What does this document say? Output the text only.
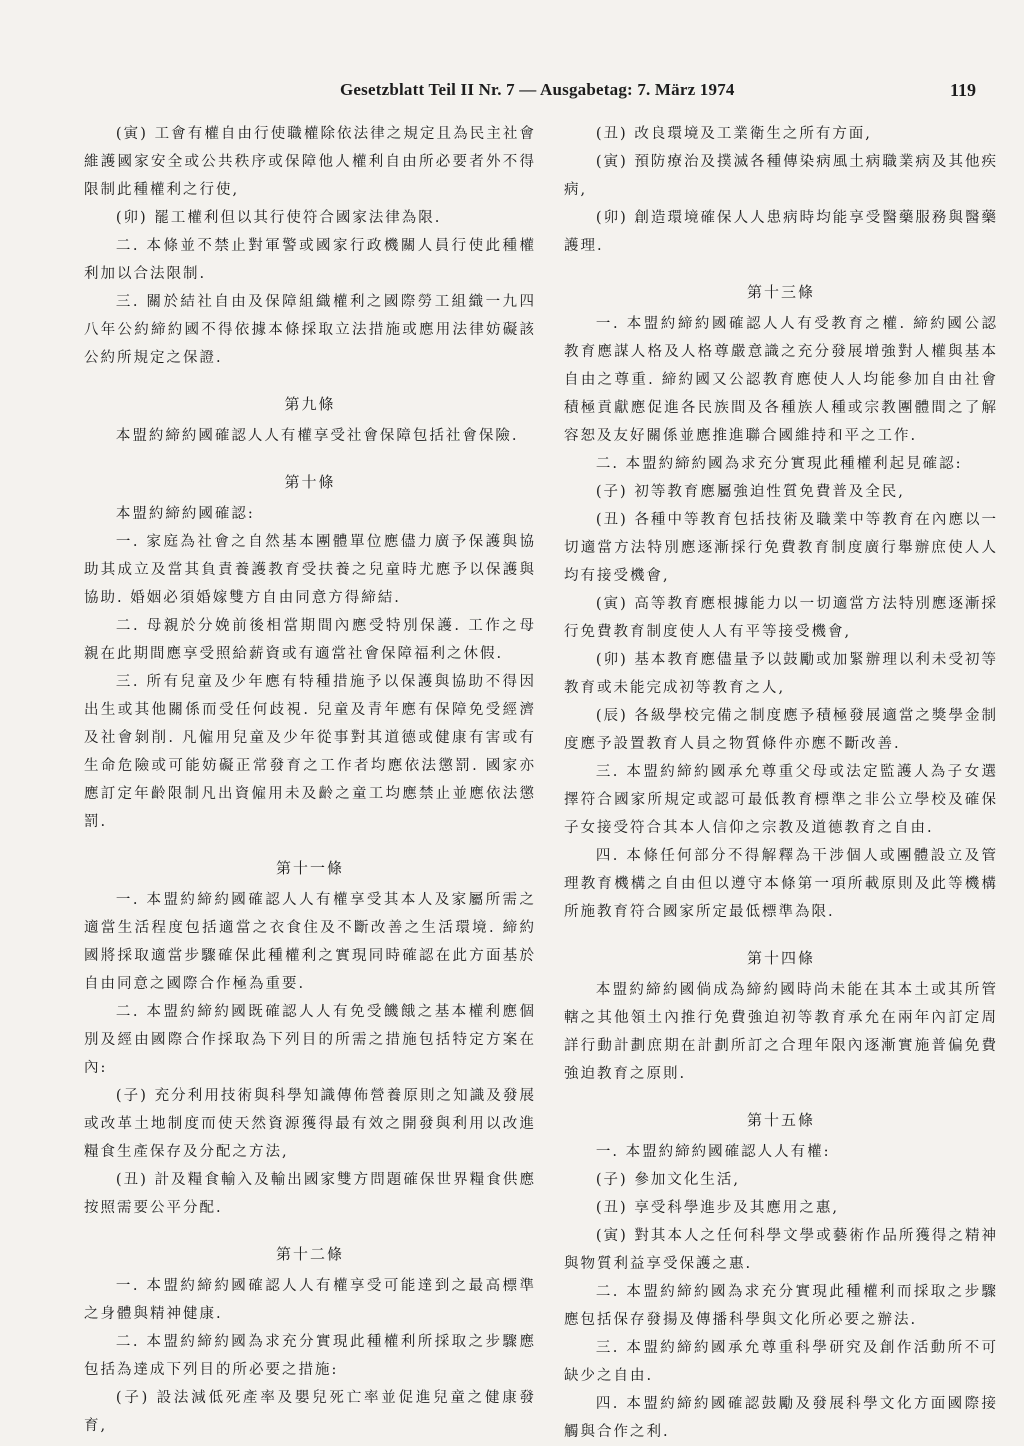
Gesetzblatt Teil II Nr. 7 — Ausgabetag: 7. März 1974	119

(寅) 工會有權自由行使職權除依法律之規定且為民主社會維護國家安全或公共秩序或保障他人權利自由所必要者外不得限制此種權利之行使,

(卯) 罷工權利但以其行使符合國家法律為限.

二. 本條並不禁止對軍警或國家行政機關人員行使此種權利加以合法限制.

三. 關於結社自由及保障組織權利之國際勞工組織一九四八年公約締約國不得依據本條採取立法措施或應用法律妨礙該公約所規定之保證.

第九條

本盟約締約國確認人人有權享受社會保障包括社會保險.

第十條

本盟約締約國確認:

一. 家庭為社會之自然基本團體單位應儘力廣予保護與協助其成立及當其負責養護教育受扶養之兒童時尤應予以保護與協助. 婚姻必須婚嫁雙方自由同意方得締結.

二. 母親於分娩前後相當期間內應受特別保護. 工作之母親在此期間應享受照給薪資或有適當社會保障福利之休假.

三. 所有兒童及少年應有特種措施予以保護與協助不得因出生或其他關係而受任何歧視. 兒童及青年應有保障免受經濟及社會剝削. 凡僱用兒童及少年從事對其道德或健康有害或有生命危險或可能妨礙正常發育之工作者均應依法懲罰. 國家亦應訂定年齡限制凡出資僱用未及齡之童工均應禁止並應依法懲罰.

第十一條

一. 本盟約締約國確認人人有權享受其本人及家屬所需之適當生活程度包括適當之衣食住及不斷改善之生活環境. 締約國將採取適當步驟確保此種權利之實現同時確認在此方面基於自由同意之國際合作極為重要.

二. 本盟約締約國既確認人人有免受饑餓之基本權利應個別及經由國際合作採取為下列目的所需之措施包括特定方案在內:

(子) 充分利用技術與科學知識傳佈營養原則之知識及發展或改革土地制度而使天然資源獲得最有效之開發與利用以改進糧食生產保存及分配之方法,

(丑) 計及糧食輸入及輸出國家雙方問題確保世界糧食供應按照需要公平分配.

第十二條

一. 本盟約締約國確認人人有權享受可能達到之最高標準之身體與精神健康.

二. 本盟約締約國為求充分實現此種權利所採取之步驟應包括為達成下列目的所必要之措施:

(子) 設法減低死產率及嬰兒死亡率並促進兒童之健康發育,

(丑) 改良環境及工業衛生之所有方面,

(寅) 預防療治及撲滅各種傳染病風土病職業病及其他疾病,

(卯) 創造環境確保人人患病時均能享受醫藥服務與醫藥護理.

第十三條

一. 本盟約締約國確認人人有受教育之權. 締約國公認教育應謀人格及人格尊嚴意識之充分發展增強對人權與基本自由之尊重. 締約國又公認教育應使人人均能參加自由社會積極貢獻應促進各民族間及各種族人種或宗教團體間之了解容恕及友好關係並應推進聯合國維持和平之工作.

二. 本盟約締約國為求充分實現此種權利起見確認:

(子) 初等教育應屬強迫性質免費普及全民,

(丑) 各種中等教育包括技術及職業中等教育在內應以一切適當方法特別應逐漸採行免費教育制度廣行舉辦庶使人人均有接受機會,

(寅) 高等教育應根據能力以一切適當方法特別應逐漸採行免費教育制度使人人有平等接受機會,

(卯) 基本教育應儘量予以鼓勵或加緊辦理以利未受初等教育或未能完成初等教育之人,

(辰) 各級學校完備之制度應予積極發展適當之獎學金制度應予設置教育人員之物質條件亦應不斷改善.

三. 本盟約締約國承允尊重父母或法定監護人為子女選擇符合國家所規定或認可最低教育標準之非公立學校及確保子女接受符合其本人信仰之宗教及道德教育之自由.

四. 本條任何部分不得解釋為干涉個人或團體設立及管理教育機構之自由但以遵守本條第一項所載原則及此等機構所施教育符合國家所定最低標準為限.

第十四條

本盟約締約國倘成為締約國時尚未能在其本土或其所管轄之其他領土內推行免費強迫初等教育承允在兩年內訂定周詳行動計劃庶期在計劃所訂之合理年限內逐漸實施普偏免費強迫教育之原則.

第十五條

一. 本盟約締約國確認人人有權:

(子) 參加文化生活,

(丑) 享受科學進步及其應用之惠,

(寅) 對其本人之任何科學文學或藝術作品所獲得之精神與物質利益享受保護之惠.

二. 本盟約締約國為求充分實現此種權利而採取之步驟應包括保存發揚及傳播科學與文化所必要之辦法.

三. 本盟約締約國承允尊重科學研究及創作活動所不可缺少之自由.

四. 本盟約締約國確認鼓勵及發展科學文化方面國際接觸與合作之利.
